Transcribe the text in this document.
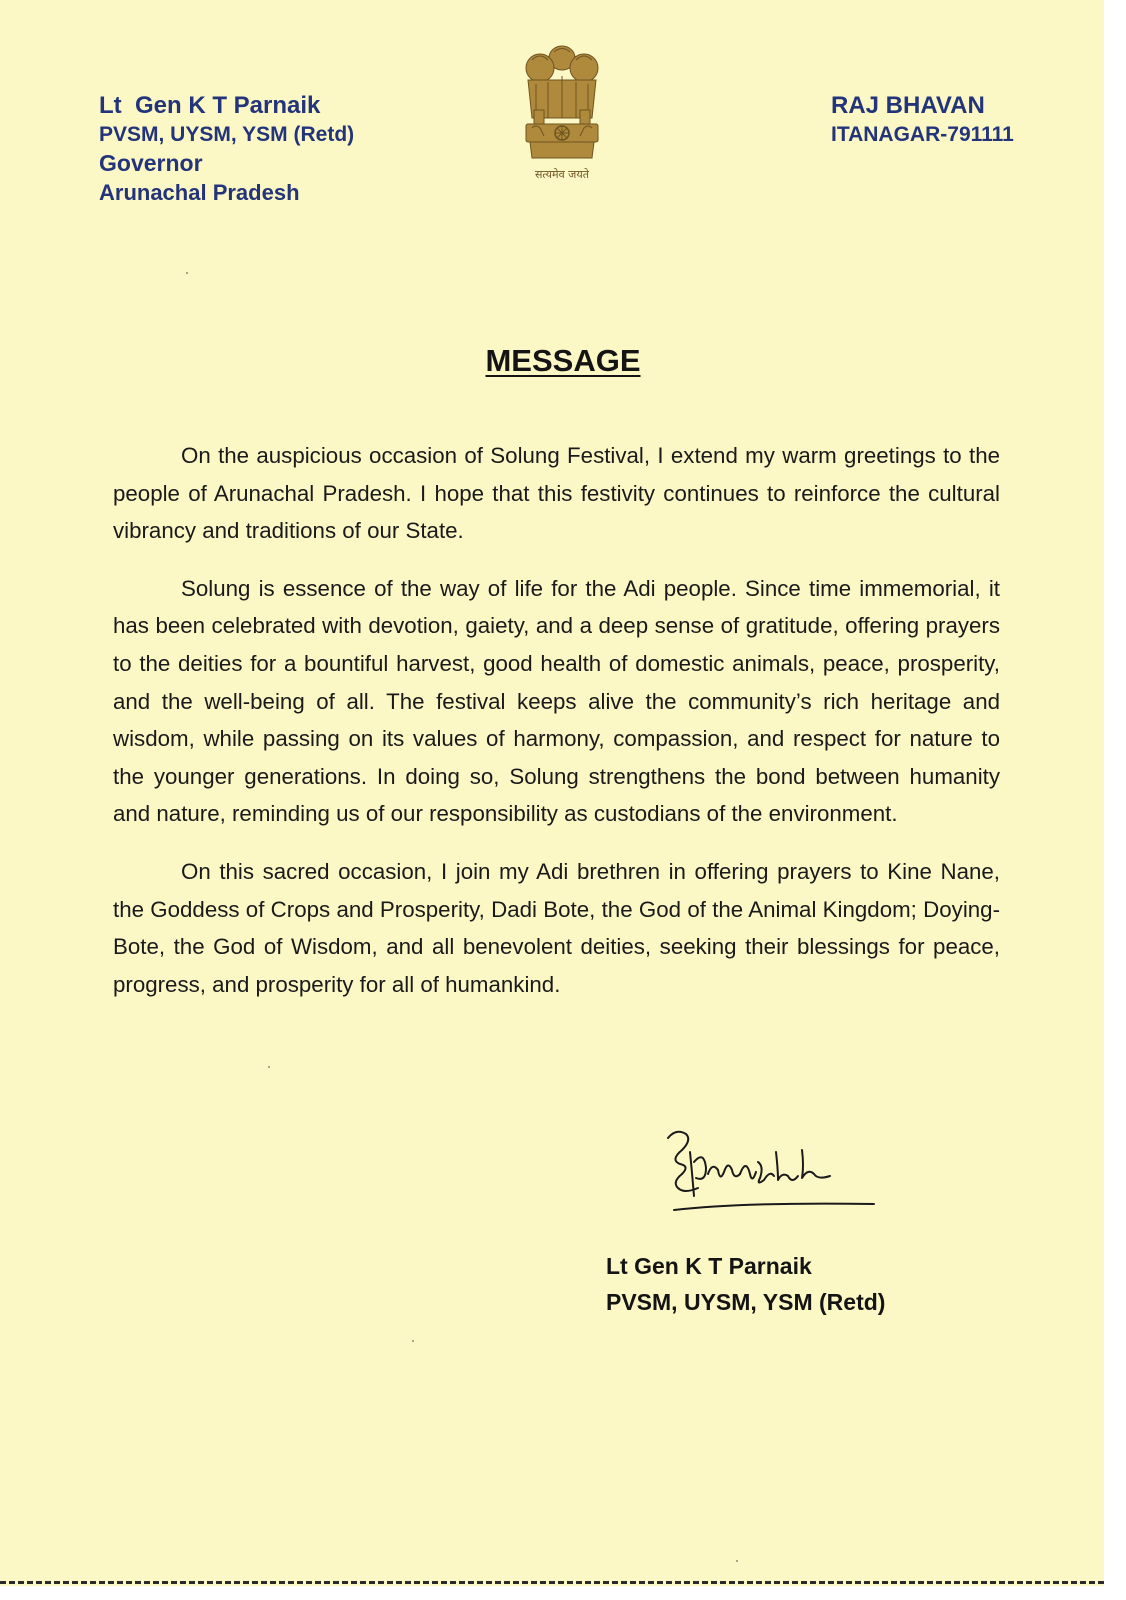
Lt  Gen K T Parnaik
PVSM, UYSM, YSM (Retd)
Governor
Arunachal Pradesh
सत्यमेव जयते
RAJ BHAVAN
ITANAGAR-791111
MESSAGE

On the auspicious occasion of Solung Festival, I extend my warm greetings to the people of Arunachal Pradesh. I hope that this festivity continues to reinforce the cultural vibrancy and traditions of our State.

Solung is essence of the way of life for the Adi people. Since time immemorial, it has been celebrated with devotion, gaiety, and a deep sense of gratitude, offering prayers to the deities for a bountiful harvest, good health of domestic animals, peace, prosperity, and the well-being of all. The festival keeps alive the community’s rich heritage and wisdom, while passing on its values of harmony, compassion, and respect for nature to the younger generations. In doing so, Solung strengthens the bond between humanity and nature, reminding us of our responsibility as custodians of the environment.

On this sacred occasion, I join my Adi brethren in offering prayers to Kine Nane, the Goddess of Crops and Prosperity, Dadi Bote, the God of the Animal Kingdom; Doying-Bote, the God of Wisdom, and all benevolent deities, seeking their blessings for peace, progress, and prosperity for all of humankind.

Parnaik
Lt Gen K T Parnaik
PVSM, UYSM, YSM (Retd)
